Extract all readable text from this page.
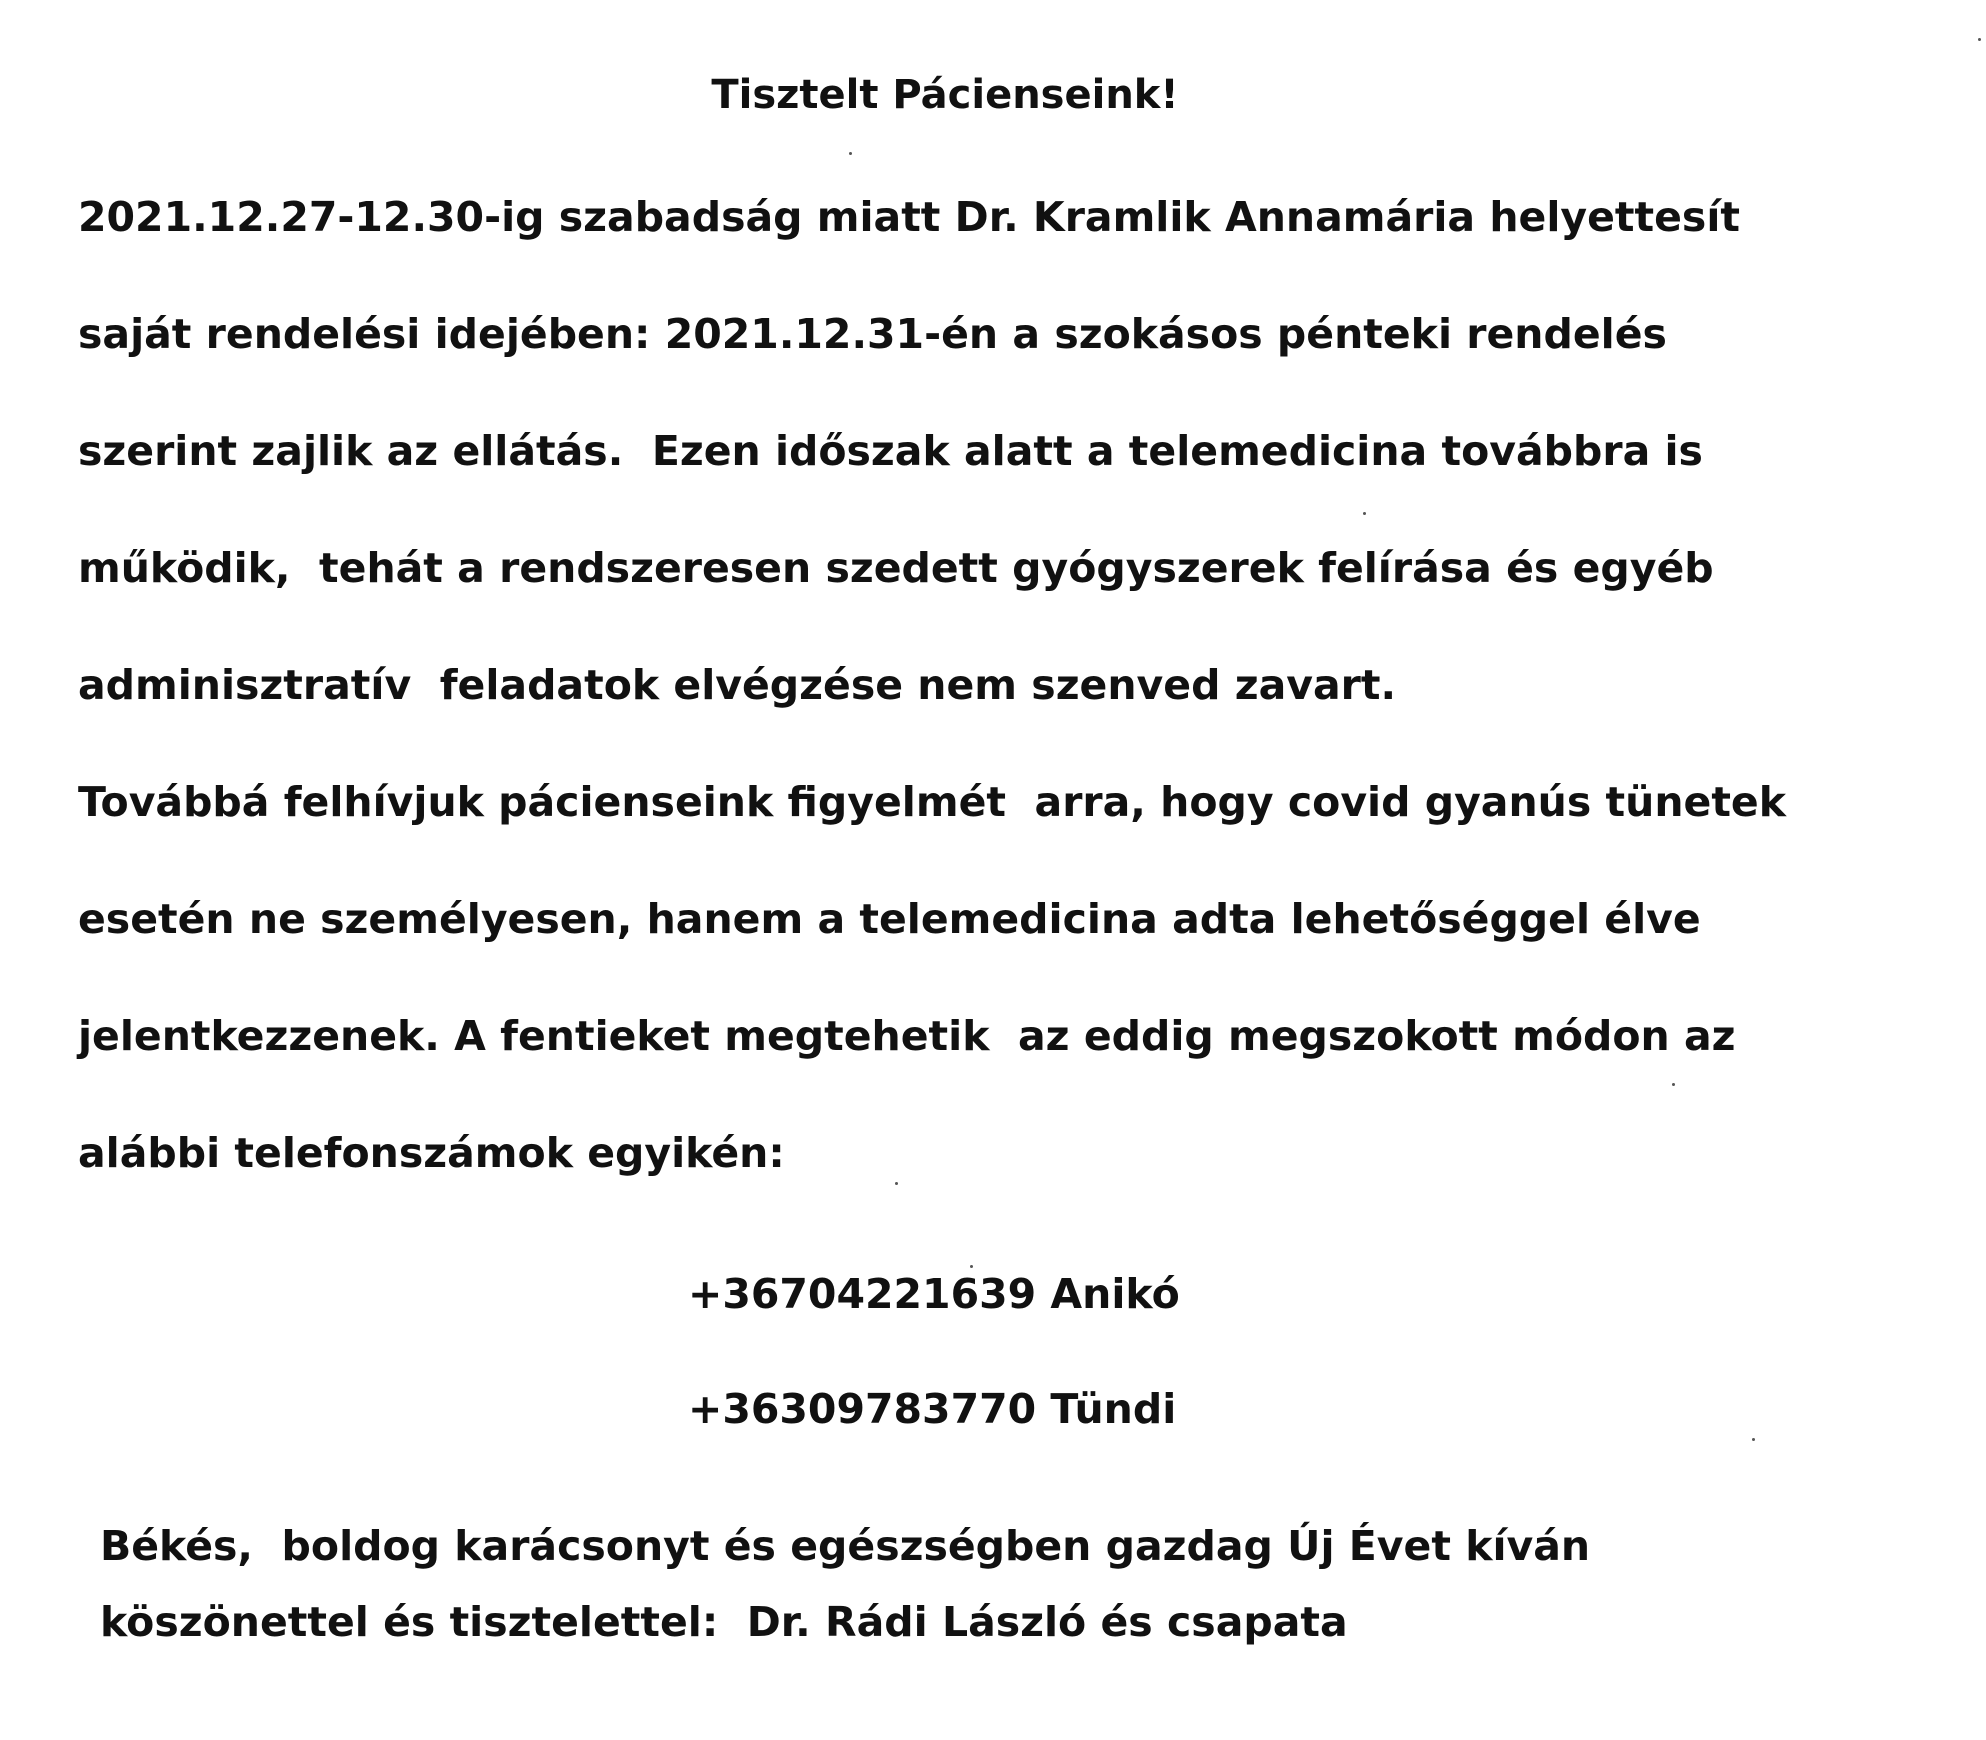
Tisztelt Pácienseink!

2021.12.27-12.30-ig szabadság miatt Dr. Kramlik Annamária helyettesít

saját rendelési idejében: 2021.12.31-én a szokásos pénteki rendelés

szerint zajlik az ellátás.  Ezen időszak alatt a telemedicina továbbra is

működik,  tehát a rendszeresen szedett gyógyszerek felírása és egyéb

adminisztratív  feladatok elvégzése nem szenved zavart.

Továbbá felhívjuk pácienseink figyelmét  arra, hogy covid gyanús tünetek

esetén ne személyesen, hanem a telemedicina adta lehetőséggel élve

jelentkezzenek. A fentieket megtehetik  az eddig megszokott módon az

alábbi telefonszámok egyikén:

+36704221639 Anikó
+36309783770 Tündi
Békés,  boldog karácsonyt és egészségben gazdag Új Évet kíván
köszönettel és tisztelettel:  Dr. Rádi László és csapata
